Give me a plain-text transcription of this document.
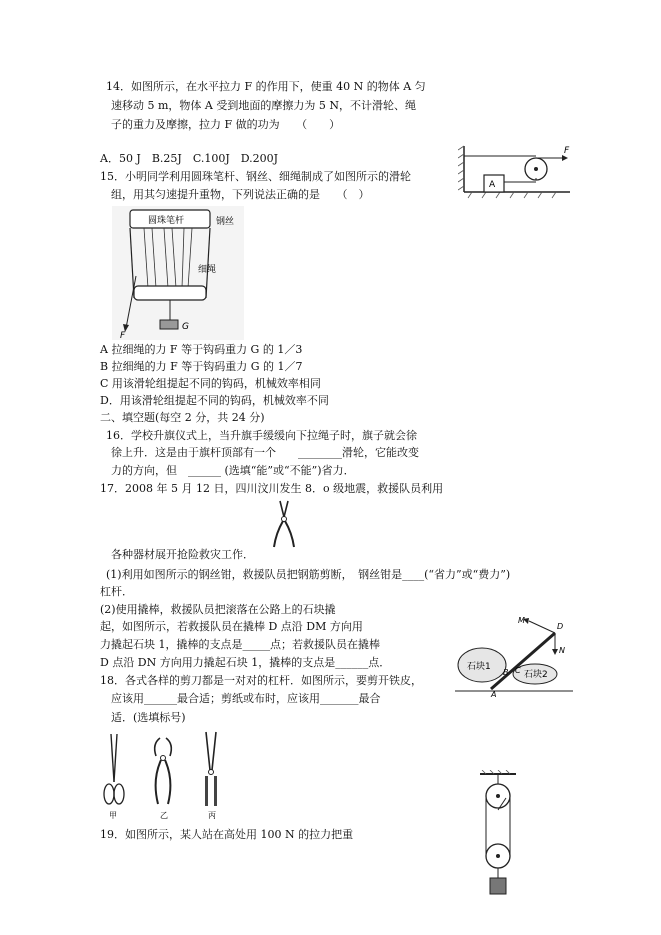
14．如图所示，在水平拉力 F 的作用下，使重 40 N 的物体 A 匀
速移动 5 m，物体 A 受到地面的摩擦力为 5 N，不计滑轮、绳
子的重力及摩擦，拉力 F 做的功为　　（　　）
A．50 J　B.25J　C.100J　D.200J
A
F
15．小明同学利用圆珠笔杆、钢丝、细绳制成了如图所示的滑轮
组，用其匀速提升重物，下列说法正确的是　　（　）
圆珠笔杆	钢丝
细绳
F
G
A 拉细绳的力 F 等于钩码重力 G 的 1／3
B 拉细绳的力 F 等于钩码重力 G 的 1／7
C 用该滑轮组提起不同的钩码，机械效率相同
D．用该滑轮组提起不同的钩码，机械效率不同
二、填空题(每空 2 分，共 24 分)
16．学校升旗仪式上，当升旗手缓缓向下拉绳子时，旗子就会徐
徐上升．这是由于旗杆顶部有一个　　________滑轮，它能改变
力的方向，但　______ (选填“能”或“不能”)省力．
17．2008 年 5 月 12 日，四川汶川发生 8．o 级地震，救援队员利用
各种器材展开抢险救灾工作．
(1)利用如图所示的钢丝钳，救援队员把钢筋剪断，　钢丝钳是____(“省力”或“费力”)
杠杆．
(2)使用撬棒，救援队员把滚落在公路上的石块撬
起，如图所示，若救援队员在撬棒 D 点沿 DM 方向用
力撬起石块 1，撬棒的支点是_____点；若救援队员在撬棒
D 点沿 DN 方向用力撬起石块 1，撬棒的支点是______点．	石块1
石块2
M
D
N
A
B C
18．各式各样的剪刀都是一对对的杠杆．如图所示，要剪开铁皮，
应该用______最合适；剪纸或布时，应该用_______最合
适．(选填标号)
甲	乙	丙
19．如图所示，某人站在高处用 100 N 的拉力把重
